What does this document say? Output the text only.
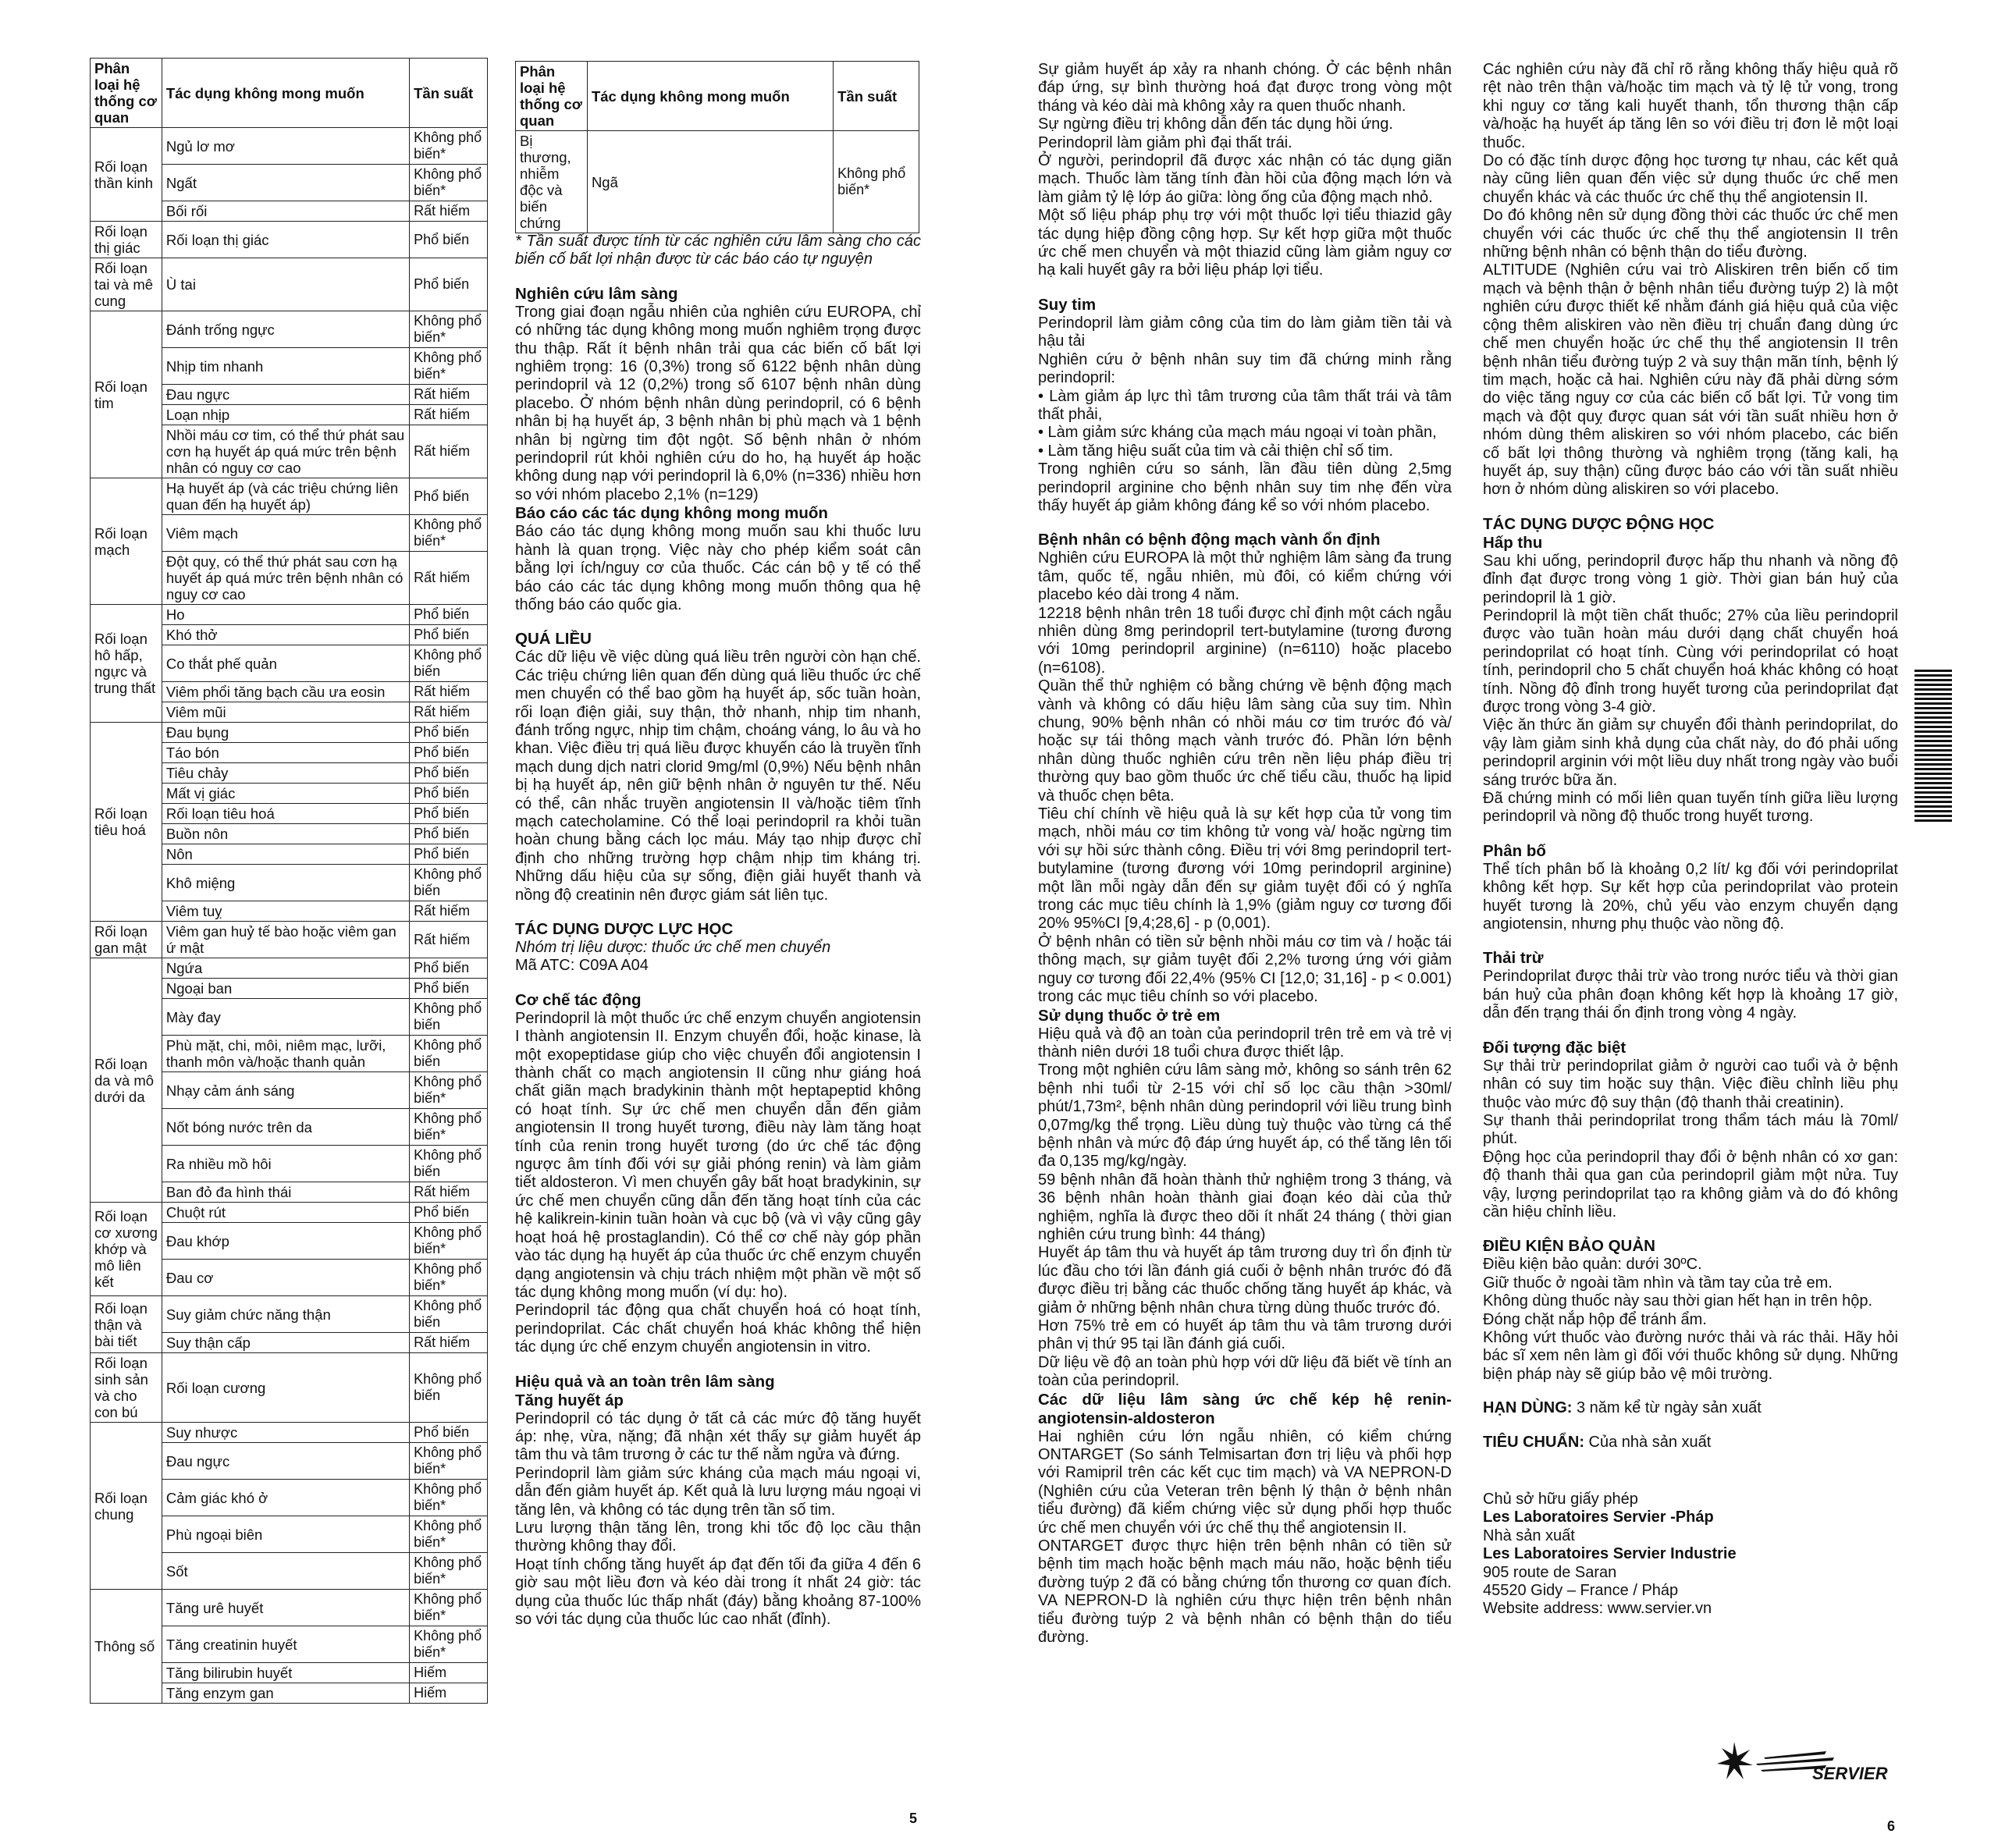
Phân loại hệ thống cơ quan	Tác dụng không mong muốn	Tần suất
Rối loạn thần kinh	Ngủ lơ mơ	Không phổ biến*
	Ngất	Không phổ biến*
	Bối rối	Rất hiếm
Rối loạn thị giác	Rối loạn thị giác	Phổ biến
Rối loạn tai và mê cung	Ù tai	Phổ biến
Rối loạn tim	Đánh trống ngực	Không phổ biến*
	Nhịp tim nhanh	Không phổ biến*
	Đau ngực	Rất hiếm
	Loạn nhịp	Rất hiếm
	Nhồi máu cơ tim, có thể thứ phát sau cơn hạ huyết áp quá mức trên bệnh nhân có nguy cơ cao	Rất hiếm
Rối loạn mạch	Hạ huyết áp (và các triệu chứng liên quan đến hạ huyết áp)	Phổ biến
	Viêm mạch	Không phổ biến*
	Đột quỵ, có thể thứ phát sau cơn hạ huyết áp quá mức trên bệnh nhân có nguy cơ cao	Rất hiếm
Rối loạn hô hấp, ngực và trung thất	Ho	Phổ biến
	Khó thở	Phổ biến
	Co thắt phế quản	Không phổ biến
	Viêm phổi tăng bạch cầu ưa eosin	Rất hiếm
	Viêm mũi	Rất hiếm
Rối loạn tiêu hoá	Đau bụng	Phổ biến
	Táo bón	Phổ biến
	Tiêu chảy	Phổ biến
	Mất vị giác	Phổ biến
	Rối loạn tiêu hoá	Phổ biến
	Buồn nôn	Phổ biến
	Nôn	Phổ biến
	Khô miệng	Không phổ biến
	Viêm tuỵ	Rất hiếm
Rối loạn gan mật	Viêm gan huỷ tế bào hoặc viêm gan ứ mật	Rất hiếm
Rối loạn da và mô dưới da	Ngứa	Phổ biến
	Ngoại ban	Phổ biến
	Mày đay	Không phổ biến
	Phù mặt, chi, môi, niêm mạc, lưỡi, thanh môn và/hoặc thanh quản	Không phổ biến
	Nhạy cảm ánh sáng	Không phổ biến*
	Nốt bóng nước trên da	Không phổ biến*
	Ra nhiều mồ hôi	Không phổ biến
	Ban đỏ đa hình thái	Rất hiếm
Rối loạn cơ xương khớp và mô liên kết	Chuột rút	Phổ biến
	Đau khớp	Không phổ biến*
	Đau cơ	Không phổ biến*
Rối loạn thận và bài tiết	Suy giảm chức năng thận	Không phổ biến
	Suy thận cấp	Rất hiếm
Rối loạn sinh sản và cho con bú	Rối loạn cương	Không phổ biến
Rối loạn chung	Suy nhược	Phổ biến
	Đau ngực	Không phổ biến*
	Cảm giác khó ở	Không phổ biến*
	Phù ngoại biên	Không phổ biến*
	Sốt	Không phổ biến*
Thông số	Tăng urê huyết	Không phổ biến*
	Tăng creatinin huyết	Không phổ biến*
	Tăng bilirubin huyết	Hiếm
	Tăng enzym gan	Hiếm
Phân loại hệ thống cơ quan	Tác dụng không mong muốn	Tần suất
Bị thương, nhiễm độc và biến chứng	Ngã	Không phổ biến*

* Tần suất được tính từ các nghiên cứu lâm sàng cho các biến cố bất lợi nhận được từ các báo cáo tự nguyện

Nghiên cứu lâm sàng

Trong giai đoạn ngẫu nhiên của nghiên cứu EUROPA, chỉ có những tác dụng không mong muốn nghiêm trọng được thu thập. Rất ít bệnh nhân trải qua các biến cố bất lợi nghiêm trọng: 16 (0,3%) trong số 6122 bệnh nhân dùng perindopril và 12 (0,2%) trong số 6107 bệnh nhân dùng placebo. Ở nhóm bệnh nhân dùng perindopril, có 6 bệnh nhân bị hạ huyết áp, 3 bệnh nhân bị phù mạch và 1 bệnh nhân bị ngừng tim đột ngột. Số bệnh nhân ở nhóm perindopril rút khỏi nghiên cứu do ho, hạ huyết áp hoặc không dung nạp với perindopril là 6,0% (n=336) nhiều hơn so với nhóm placebo 2,1% (n=129)

Báo cáo các tác dụng không mong muốn

Báo cáo tác dụng không mong muốn sau khi thuốc lưu hành là quan trọng. Việc này cho phép kiểm soát cân bằng lợi ích/nguy cơ của thuốc. Các cán bộ y tế có thể báo cáo các tác dụng không mong muốn thông qua hệ thống báo cáo quốc gia.

QUÁ LIỀU

Các dữ liệu về việc dùng quá liều trên người còn hạn chế. Các triệu chứng liên quan đến dùng quá liều thuốc ức chế men chuyển có thể bao gồm hạ huyết áp, sốc tuần hoàn, rối loạn điện giải, suy thận, thở nhanh, nhịp tim nhanh, đánh trống ngực, nhịp tim chậm, choáng váng, lo âu và ho khan. Việc điều trị quá liều được khuyến cáo là truyền tĩnh mạch dung dịch natri clorid 9mg/ml (0,9%) Nếu bệnh nhân bị hạ huyết áp, nên giữ bệnh nhân ở nguyên tư thế. Nếu có thể, cân nhắc truyền angiotensin II và/hoặc tiêm tĩnh mạch catecholamine. Có thể loại perindopril ra khỏi tuần hoàn chung bằng cách lọc máu. Máy tạo nhịp được chỉ định cho những trường hợp chậm nhịp tim kháng trị. Những dấu hiệu của sự sống, điện giải huyết thanh và nồng độ creatinin nên được giám sát liên tục.

TÁC DỤNG DƯỢC LỰC HỌC

Nhóm trị liệu dược: thuốc ức chế men chuyển

Mã ATC: C09A A04

Cơ chế tác động

Perindopril là một thuốc ức chế enzym chuyển angiotensin I thành angiotensin II. Enzym chuyển đổi, hoặc kinase, là một exopeptidase giúp cho việc chuyển đổi angiotensin I thành chất co mạch angiotensin II cũng như giáng hoá chất giãn mạch bradykinin thành một heptapeptid không có hoạt tính. Sự ức chế men chuyển dẫn đến giảm angiotensin II trong huyết tương, điều này làm tăng hoạt tính của renin trong huyết tương (do ức chế tác động ngược âm tính đối với sự giải phóng renin) và làm giảm tiết aldosteron. Vì men chuyển gây bất hoạt bradykinin, sự ức chế men chuyển cũng dẫn đến tăng hoạt tính của các hệ kalikrein-kinin tuần hoàn và cục bộ (và vì vậy cũng gây hoạt hoá hệ prostaglandin). Có thể cơ chế này góp phần vào tác dụng hạ huyết áp của thuốc ức chế enzym chuyển dạng angiotensin và chịu trách nhiệm một phần về một số tác dụng không mong muốn (ví dụ: ho).

Perindopril tác động qua chất chuyển hoá có hoạt tính, perindoprilat. Các chất chuyển hoá khác không thể hiện tác dụng ức chế enzym chuyển angiotensin in vitro.

Hiệu quả và an toàn trên lâm sàng
Tăng huyết áp

Perindopril có tác dụng ở tất cả các mức độ tăng huyết áp: nhẹ, vừa, nặng; đã nhận xét thấy sự giảm huyết áp tâm thu và tâm trương ở các tư thế nằm ngửa và đứng.

Perindopril làm giảm sức kháng của mạch máu ngoại vi, dẫn đến giảm huyết áp. Kết quả là lưu lượng máu ngoại vi tăng lên, và không có tác dụng trên tần số tim.

Lưu lượng thận tăng lên, trong khi tốc độ lọc cầu thận thường không thay đổi.

Hoạt tính chống tăng huyết áp đạt đến tối đa giữa 4 đến 6 giờ sau một liều đơn và kéo dài trong ít nhất 24 giờ: tác dụng của thuốc lúc thấp nhất (đáy) bằng khoảng 87-100% so với tác dụng của thuốc lúc cao nhất (đỉnh).

5

Sự giảm huyết áp xảy ra nhanh chóng. Ở các bệnh nhân đáp ứng, sự bình thường hoá đạt được trong vòng một tháng và kéo dài mà không xảy ra quen thuốc nhanh.

Sự ngừng điều trị không dẫn đến tác dụng hồi ứng.

Perindopril làm giảm phì đại thất trái.

Ở người, perindopril đã được xác nhận có tác dụng giãn mạch. Thuốc làm tăng tính đàn hồi của động mạch lớn và làm giảm tỷ lệ lớp áo giữa: lòng ống của động mạch nhỏ.

Một số liệu pháp phụ trợ với một thuốc lợi tiểu thiazid gây tác dụng hiệp đồng cộng hợp. Sự kết hợp giữa một thuốc ức chế men chuyển và một thiazid cũng làm giảm nguy cơ hạ kali huyết gây ra bởi liệu pháp lợi tiểu.

Suy tim

Perindopril làm giảm công của tim do làm giảm tiền tải và hậu tải

Nghiên cứu ở bệnh nhân suy tim đã chứng minh rằng perindopril:

• Làm giảm áp lực thì tâm trương của tâm thất trái và tâm thất phải,

• Làm giảm sức kháng của mạch máu ngoại vi toàn phần,

• Làm tăng hiệu suất của tim và cải thiện chỉ số tim.

Trong nghiên cứu so sánh, lần đầu tiên dùng 2,5mg perindopril arginine cho bệnh nhân suy tim nhẹ đến vừa thấy huyết áp giảm không đáng kể so với nhóm placebo.

Bệnh nhân có bệnh động mạch vành ổn định

Nghiên cứu EUROPA là một thử nghiệm lâm sàng đa trung tâm, quốc tế, ngẫu nhiên, mù đôi, có kiểm chứng với placebo kéo dài trong 4 năm.

12218 bệnh nhân trên 18 tuổi được chỉ định một cách ngẫu nhiên dùng 8mg perindopril tert-butylamine (tương đương với 10mg perindopril arginine) (n=6110) hoặc placebo (n=6108).

Quần thể thử nghiệm có bằng chứng về bệnh động mạch vành và không có dấu hiệu lâm sàng của suy tim. Nhìn chung, 90% bệnh nhân có nhồi máu cơ tim trước đó và/ hoặc sự tái thông mạch vành trước đó. Phần lớn bệnh nhân dùng thuốc nghiên cứu trên nền liệu pháp điều trị thường quy bao gồm thuốc ức chế tiểu cầu, thuốc hạ lipid và thuốc chẹn bêta.

Tiêu chí chính về hiệu quả là sự kết hợp của tử vong tim mạch, nhồi máu cơ tim không tử vong và/ hoặc ngừng tim với sự hồi sức thành công. Điều trị với 8mg perindopril tert-butylamine (tương đương với 10mg perindopril arginine) một lần mỗi ngày dẫn đến sự giảm tuyệt đối có ý nghĩa trong các mục tiêu chính là 1,9% (giảm nguy cơ tương đối 20% 95%CI [9,4;28,6] - p (0,001).

Ở bệnh nhân có tiền sử bệnh nhồi máu cơ tim và / hoặc tái thông mạch, sự giảm tuyệt đối 2,2% tương ứng với giảm nguy cơ tương đối 22,4% (95% CI [12,0; 31,16] - p < 0.001) trong các mục tiêu chính so với placebo.

Sử dụng thuốc ở trẻ em

Hiệu quả và độ an toàn của perindopril trên trẻ em và trẻ vị thành niên dưới 18 tuổi chưa được thiết lập.

Trong một nghiên cứu lâm sàng mở, không so sánh trên 62 bệnh nhi tuổi từ 2-15 với chỉ số lọc cầu thận >30ml/ phút/1,73m², bệnh nhân dùng perindopril với liều trung bình 0,07mg/kg thể trọng. Liều dùng tuỳ thuộc vào từng cá thể bệnh nhân và mức độ đáp ứng huyết áp, có thể tăng lên tối đa 0,135 mg/kg/ngày.

59 bệnh nhân đã hoàn thành thử nghiệm trong 3 tháng, và 36 bệnh nhân hoàn thành giai đoạn kéo dài của thử nghiệm, nghĩa là được theo dõi ít nhất 24 tháng ( thời gian nghiên cứu trung bình: 44 tháng)

Huyết áp tâm thu và huyết áp tâm trương duy trì ổn định từ lúc đầu cho tới lần đánh giá cuối ở bệnh nhân trước đó đã được điều trị bằng các thuốc chống tăng huyết áp khác, và giảm ở những bệnh nhân chưa từng dùng thuốc trước đó.

Hơn 75% trẻ em có huyết áp tâm thu và tâm trương dưới phân vị thứ 95 tại lần đánh giá cuối.

Dữ liệu về độ an toàn phù hợp với dữ liệu đã biết về tính an toàn của perindopril.

Các dữ liệu lâm sàng ức chế kép hệ renin-angiotensin-aldosteron

Hai nghiên cứu lớn ngẫu nhiên, có kiểm chứng ONTARGET (So sánh Telmisartan đơn trị liệu và phối hợp với Ramipril trên các kết cục tim mạch) và VA NEPRON-D (Nghiên cứu của Veteran trên bệnh lý thận ở bệnh nhân tiểu đường) đã kiểm chứng việc sử dụng phối hợp thuốc ức chế men chuyển với ức chế thụ thể angiotensin II.

ONTARGET được thực hiện trên bệnh nhân có tiền sử bệnh tim mạch hoặc bệnh mạch máu não, hoặc bệnh tiểu đường tuýp 2 đã có bằng chứng tổn thương cơ quan đích. VA NEPRON-D là nghiên cứu thực hiện trên bệnh nhân tiểu đường tuýp 2 và bệnh nhân có bệnh thận do tiểu đường.

Các nghiên cứu này đã chỉ rõ rằng không thấy hiệu quả rõ rệt nào trên thận và/hoặc tim mạch và tỷ lệ tử vong, trong khi nguy cơ tăng kali huyết thanh, tổn thương thận cấp và/hoặc hạ huyết áp tăng lên so với điều trị đơn lẻ một loại thuốc.

Do có đặc tính dược động học tương tự nhau, các kết quả này cũng liên quan đến việc sử dụng thuốc ức chế men chuyển khác và các thuốc ức chế thụ thể angiotensin II.

Do đó không nên sử dụng đồng thời các thuốc ức chế men chuyển với các thuốc ức chế thụ thể angiotensin II trên những bệnh nhân có bệnh thận do tiểu đường.

ALTITUDE (Nghiên cứu vai trò Aliskiren trên biến cố tim mạch và bệnh thận ở bệnh nhân tiểu đường tuýp 2) là một nghiên cứu được thiết kế nhằm đánh giá hiệu quả của việc cộng thêm aliskiren vào nền điều trị chuẩn đang dùng ức chế men chuyển hoặc ức chế thụ thể angiotensin II trên bệnh nhân tiểu đường tuýp 2 và suy thận mãn tính, bệnh lý tim mạch, hoặc cả hai. Nghiên cứu này đã phải dừng sớm do việc tăng nguy cơ của các biến cố bất lợi. Tử vong tim mạch và đột quỵ được quan sát với tần suất nhiều hơn ở nhóm dùng thêm aliskiren so với nhóm placebo, các biến cố bất lợi thông thường và nghiêm trọng (tăng kali, hạ huyết áp, suy thận) cũng được báo cáo với tần suất nhiều hơn ở nhóm dùng aliskiren so với placebo.

TÁC DỤNG DƯỢC ĐỘNG HỌC
Hấp thu

Sau khi uống, perindopril được hấp thu nhanh và nồng độ đỉnh đạt được trong vòng 1 giờ. Thời gian bán huỷ của perindopril là 1 giờ.

Perindopril là một tiền chất thuốc; 27% của liều perindopril được vào tuần hoàn máu dưới dạng chất chuyển hoá perindoprilat có hoạt tính. Cùng với perindoprilat có hoạt tính, perindopril cho 5 chất chuyển hoá khác không có hoạt tính. Nồng độ đỉnh trong huyết tương của perindoprilat đạt được trong vòng 3-4 giờ.

Việc ăn thức ăn giảm sự chuyển đổi thành perindoprilat, do vậy làm giảm sinh khả dụng của chất này, do đó phải uống perindopril arginin với một liều duy nhất trong ngày vào buổi sáng trước bữa ăn.

Đã chứng minh có mối liên quan tuyến tính giữa liều lượng perindopril và nồng độ thuốc trong huyết tương.

Phân bố

Thể tích phân bố là khoảng 0,2 lít/ kg đối với perindoprilat không kết hợp. Sự kết hợp của perindoprilat vào protein huyết tương là 20%, chủ yếu vào enzym chuyển dạng angiotensin, nhưng phụ thuộc vào nồng độ.

Thải trừ

Perindoprilat được thải trừ vào trong nước tiểu và thời gian bán huỷ của phân đoạn không kết hợp là khoảng 17 giờ, dẫn đến trạng thái ổn định trong vòng 4 ngày.

Đối tượng đặc biệt

Sự thải trừ perindoprilat giảm ở người cao tuổi và ở bệnh nhân có suy tim hoặc suy thận. Việc điều chỉnh liều phụ thuộc vào mức độ suy thận (độ thanh thải creatinin).

Sự thanh thải perindoprilat trong thẩm tách máu là 70ml/ phút.

Động học của perindopril thay đổi ở bệnh nhân có xơ gan: độ thanh thải qua gan của perindopril giảm một nửa. Tuy vậy, lượng perindoprilat tạo ra không giảm và do đó không cần hiệu chỉnh liều.

ĐIỀU KIỆN BẢO QUẢN

Điều kiện bảo quản: dưới 30ºC.

Giữ thuốc ở ngoài tầm nhìn và tầm tay của trẻ em.

Không dùng thuốc này sau thời gian hết hạn in trên hộp.

Đóng chặt nắp hộp để tránh ẩm.

Không vứt thuốc vào đường nước thải và rác thải. Hãy hỏi bác sĩ xem nên làm gì đối với thuốc không sử dụng. Những biện pháp này sẽ giúp bảo vệ môi trường.

HẠN DÙNG: 3 năm kể từ ngày sản xuất

TIÊU CHUẨN: Của nhà sản xuất

Chủ sở hữu giấy phép

Les Laboratoires Servier -Pháp

Nhà sản xuất

Les Laboratoires Servier Industrie

905 route de Saran

45520 Gidy – France / Pháp

Website address: www.servier.vn

SERVIER
6
